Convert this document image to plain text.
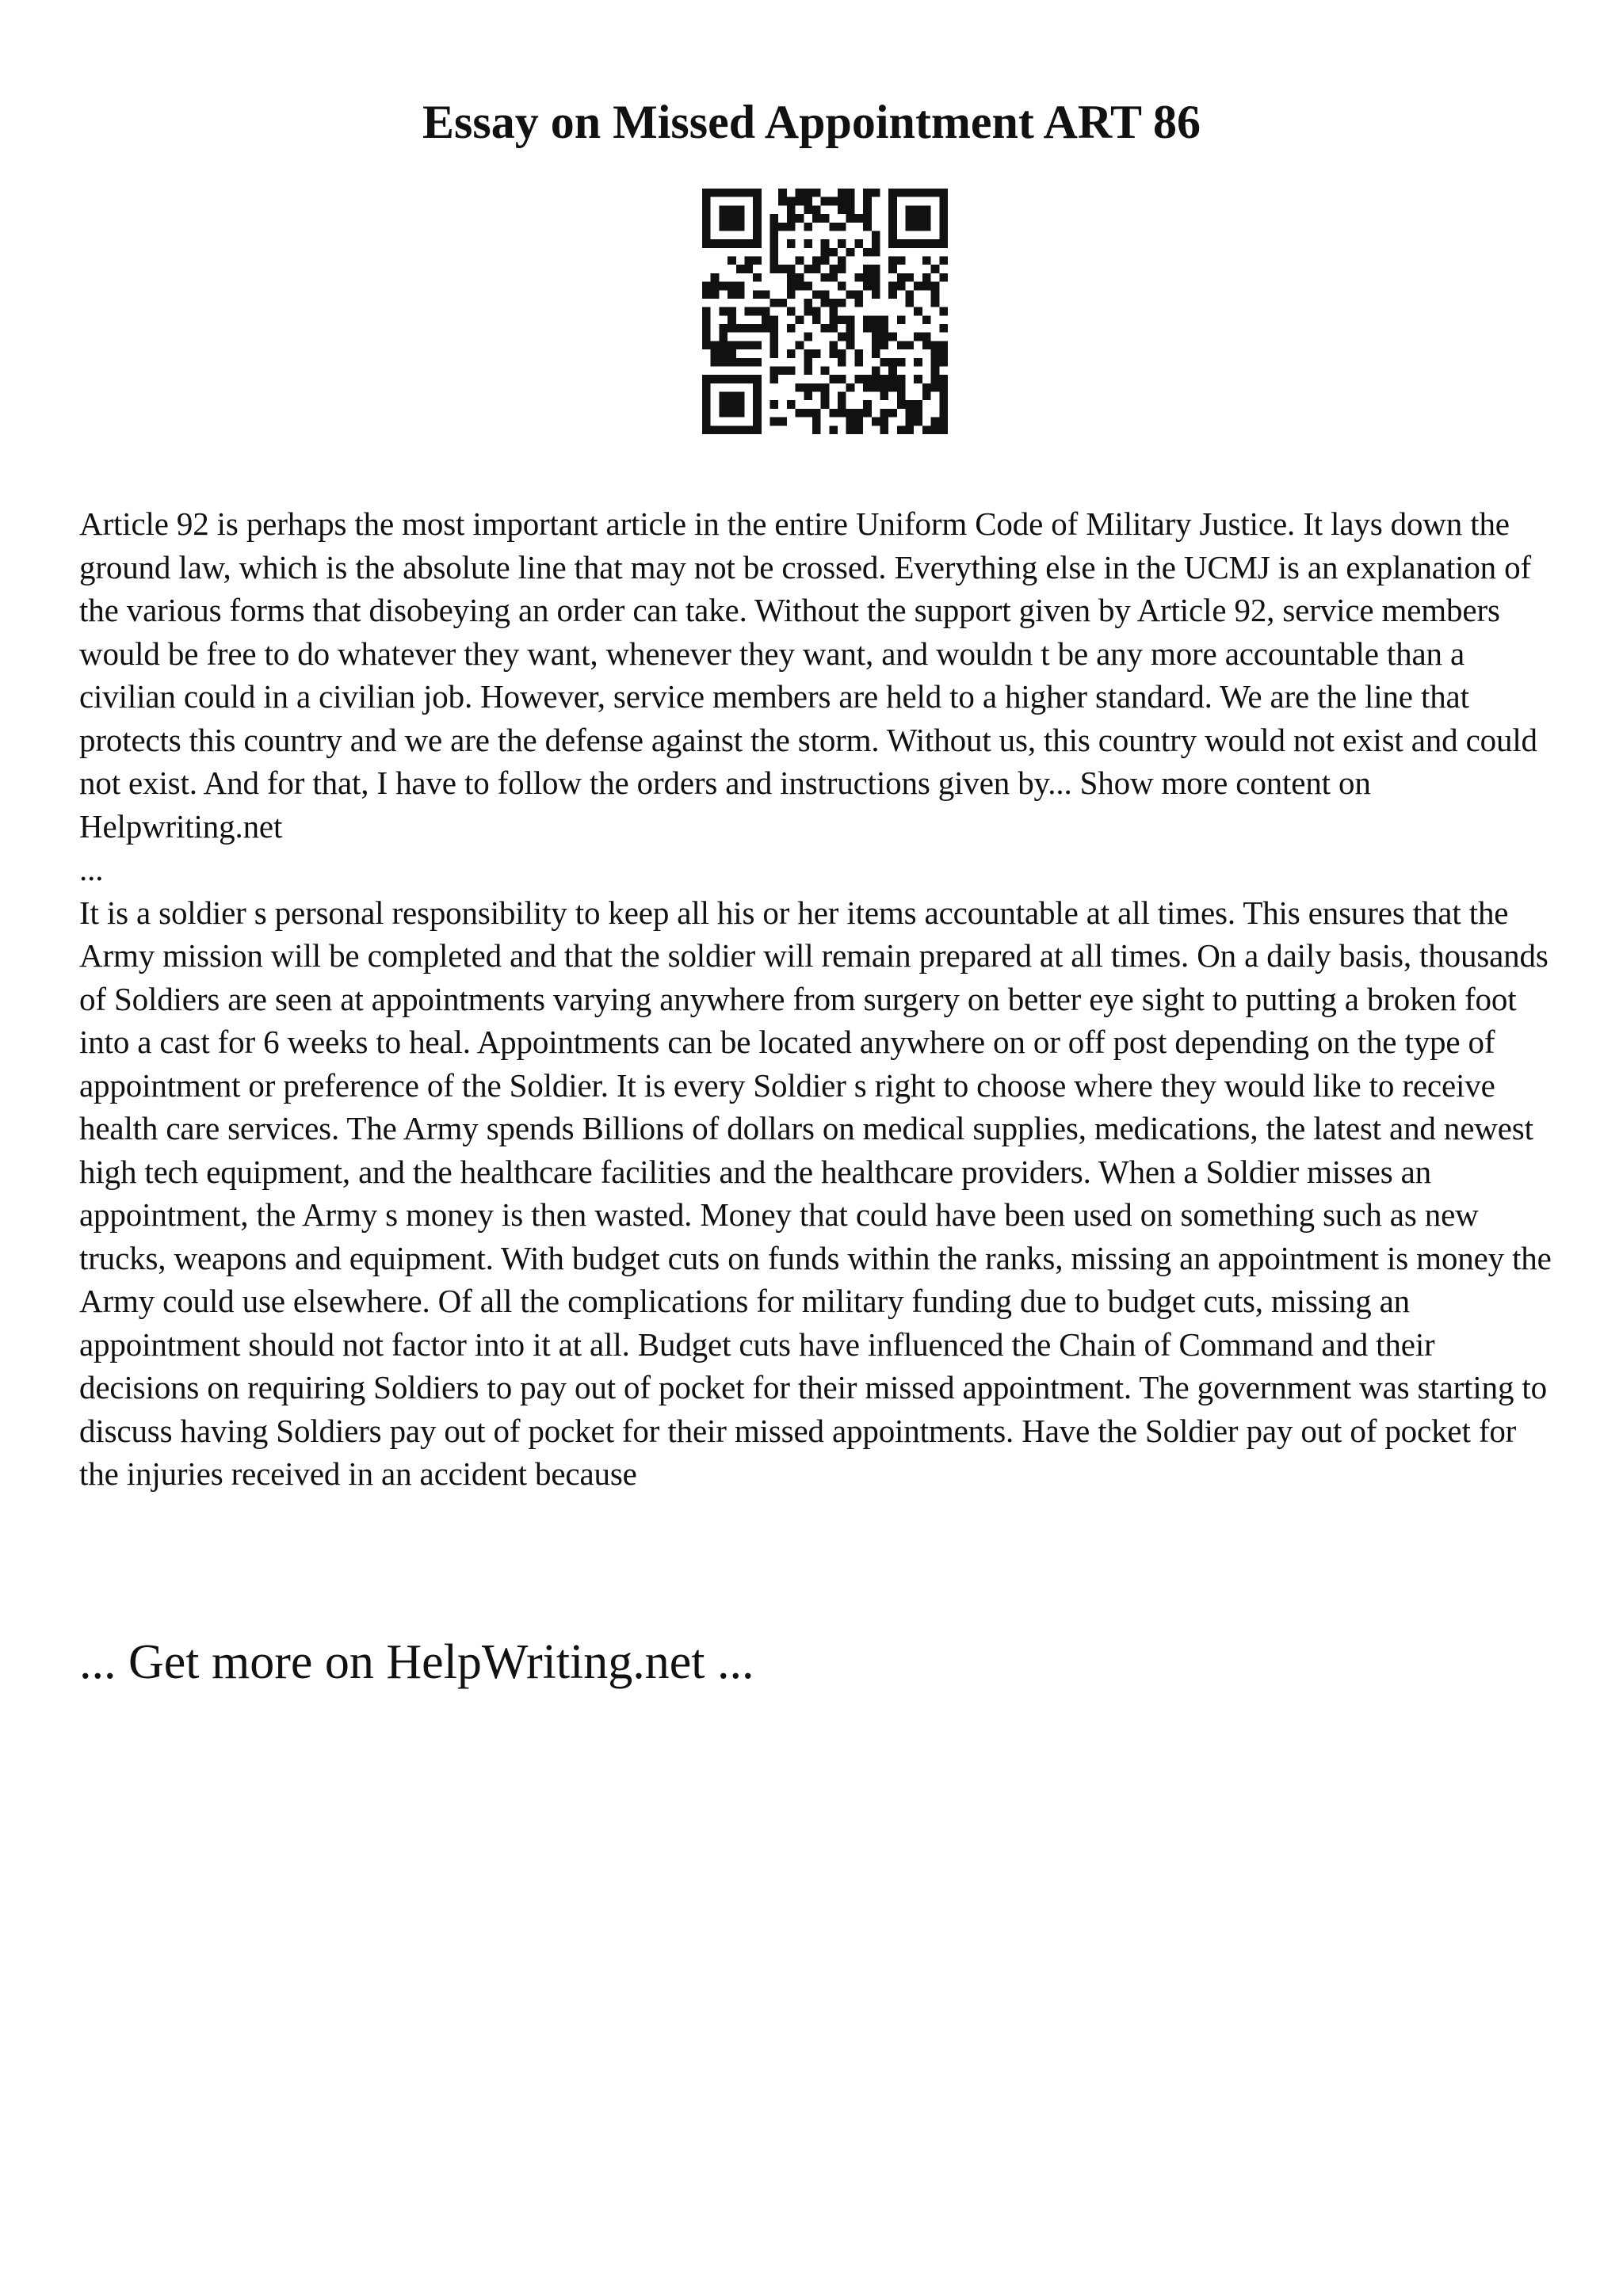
Essay on Missed Appointment ART 86

Article 92 is perhaps the most important article in the entire Uniform Code of Military Justice. It lays down the ground law, which is the absolute line that may not be crossed. Everything else in the UCMJ is an explanation of the various forms that disobeying an order can take. Without the support given by Article 92, service members would be free to do whatever they want, whenever they want, and wouldn t be any more accountable than a civilian could in a civilian job. However, service members are held to a higher standard. We are the line that protects this country and we are the defense against the storm. Without us, this country would not exist and could not exist. And for that, I have to follow the orders and instructions given by... Show more content on Helpwriting.net

...

It is a soldier s personal responsibility to keep all his or her items accountable at all times. This ensures that the Army mission will be completed and that the soldier will remain prepared at all times. On a daily basis, thousands of Soldiers are seen at appointments varying anywhere from surgery on better eye sight to putting a broken foot into a cast for 6 weeks to heal. Appointments can be located anywhere on or off post depending on the type of appointment or preference of the Soldier. It is every Soldier s right to choose where they would like to receive health care services. The Army spends Billions of dollars on medical supplies, medications, the latest and newest high tech equipment, and the healthcare facilities and the healthcare providers. When a Soldier misses an appointment, the Army s money is then wasted. Money that could have been used on something such as new trucks, weapons and equipment. With budget cuts on funds within the ranks, missing an appointment is money the Army could use elsewhere. Of all the complications for military funding due to budget cuts, missing an appointment should not factor into it at all. Budget cuts have influenced the Chain of Command and their decisions on requiring Soldiers to pay out of pocket for their missed appointment. The government was starting to discuss having Soldiers pay out of pocket for their missed appointments. Have the Soldier pay out of pocket for the injuries received in an accident because

... Get more on HelpWriting.net ...
